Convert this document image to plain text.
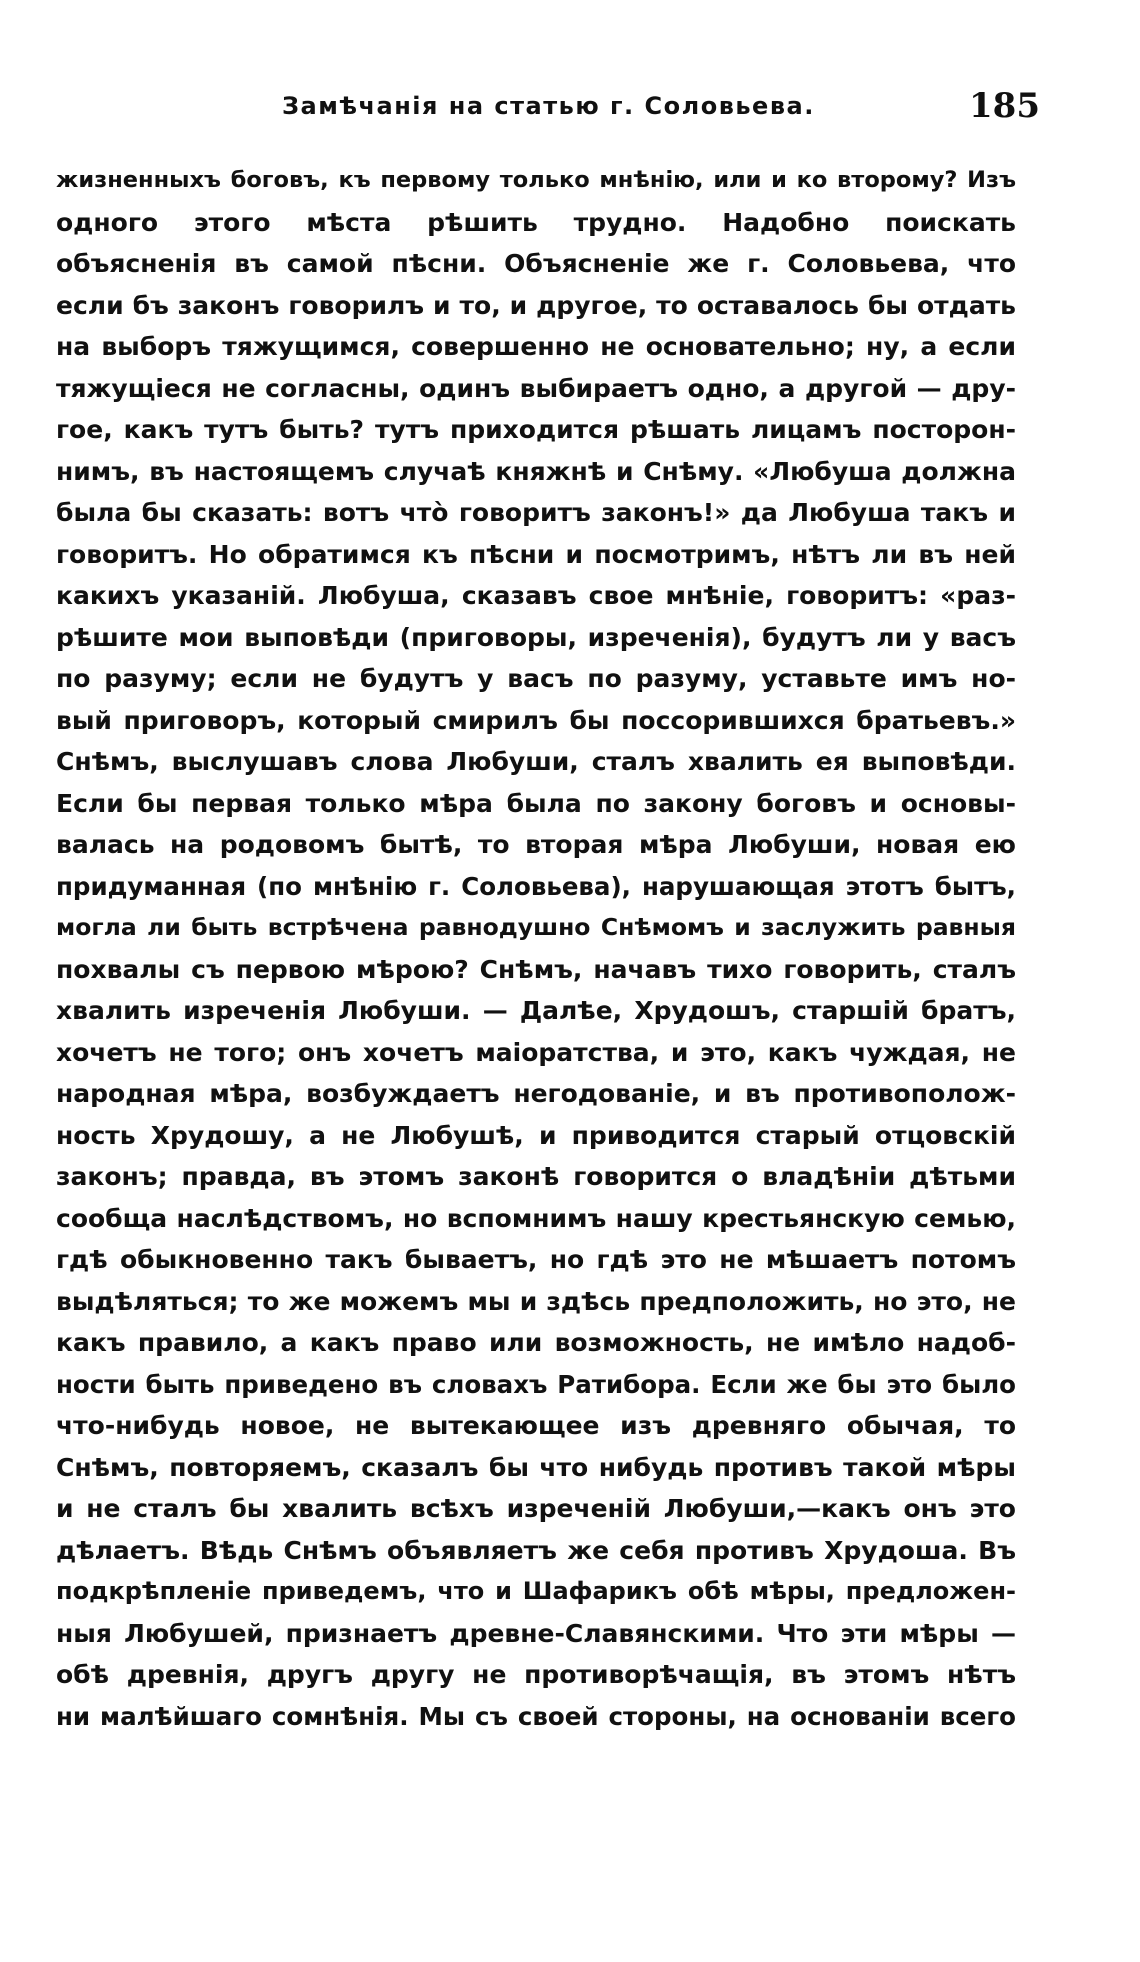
Замѣчанія на статью г. Соловьева.	185
жизненныхъ боговъ, къ первому только мнѣнію, или и ко второму? Изъ
одного этого мѣста рѣшить трудно. Надобно поискать
объясненія въ самой пѣсни. Объясненіе же г. Соловьева, что
если бъ законъ говорилъ и то, и другое, то оставалось бы отдать
на выборъ тяжущимся, совершенно не основательно; ну, а если
тяжущіеся не согласны, одинъ выбираетъ одно, а другой — дру-
гое, какъ тутъ быть? тутъ приходится рѣшать лицамъ посторон-
нимъ, въ настоящемъ случаѣ княжнѣ и Снѣму. «Любуша должна
была бы сказать: вотъ что̀ говоритъ законъ!» да Любуша такъ и
говоритъ. Но обратимся къ пѣсни и посмотримъ, нѣтъ ли въ ней
какихъ указаній. Любуша, сказавъ свое мнѣніе, говоритъ: «раз-
рѣшите мои выповѣди (приговоры, изреченія), будутъ ли у васъ
по разуму; если не будутъ у васъ по разуму, уставьте имъ но-
вый приговоръ, который смирилъ бы поссорившихся братьевъ.»
Снѣмъ, выслушавъ слова Любуши, сталъ хвалить ея выповѣди.
Если бы первая только мѣра была по закону боговъ и основы-
валась на родовомъ бытѣ, то вторая мѣра Любуши, новая ею
придуманная (по мнѣнію г. Соловьева), нарушающая этотъ бытъ,
могла ли быть встрѣчена равнодушно Снѣмомъ и заслужить равныя
похвалы съ первою мѣрою? Снѣмъ, начавъ тихо говорить, сталъ
хвалить изреченія Любуши. — Далѣе, Хрудошъ, старшій братъ,
хочетъ не того; онъ хочетъ маіоратства, и это, какъ чуждая, не
народная мѣра, возбуждаетъ негодованіе, и въ противополож-
ность Хрудошу, а не Любушѣ, и приводится старый отцовскій
законъ; правда, въ этомъ законѣ говорится о владѣніи дѣтьми
сообща наслѣдствомъ, но вспомнимъ нашу крестьянскую семью,
гдѣ обыкновенно такъ бываетъ, но гдѣ это не мѣшаетъ потомъ
выдѣляться; то же можемъ мы и здѣсь предположить, но это, не
какъ правило, а какъ право или возможность, не имѣло надоб-
ности быть приведено въ словахъ Ратибора. Если же бы это было
что-нибудь новое, не вытекающее изъ древняго обычая, то
Снѣмъ, повторяемъ, сказалъ бы что нибудь противъ такой мѣры
и не сталъ бы хвалить всѣхъ изреченій Любуши,—какъ онъ это
дѣлаетъ. Вѣдь Снѣмъ объявляетъ же себя противъ Хрудоша. Въ
подкрѣпленіе приведемъ, что и Шафарикъ обѣ мѣры, предложен-
ныя Любушей, признаетъ древне-Славянскими. Что эти мѣры —
обѣ древнія, другъ другу не противорѣчащія, въ этомъ нѣтъ
ни малѣйшаго сомнѣнія. Мы съ своей стороны, на основаніи всего
